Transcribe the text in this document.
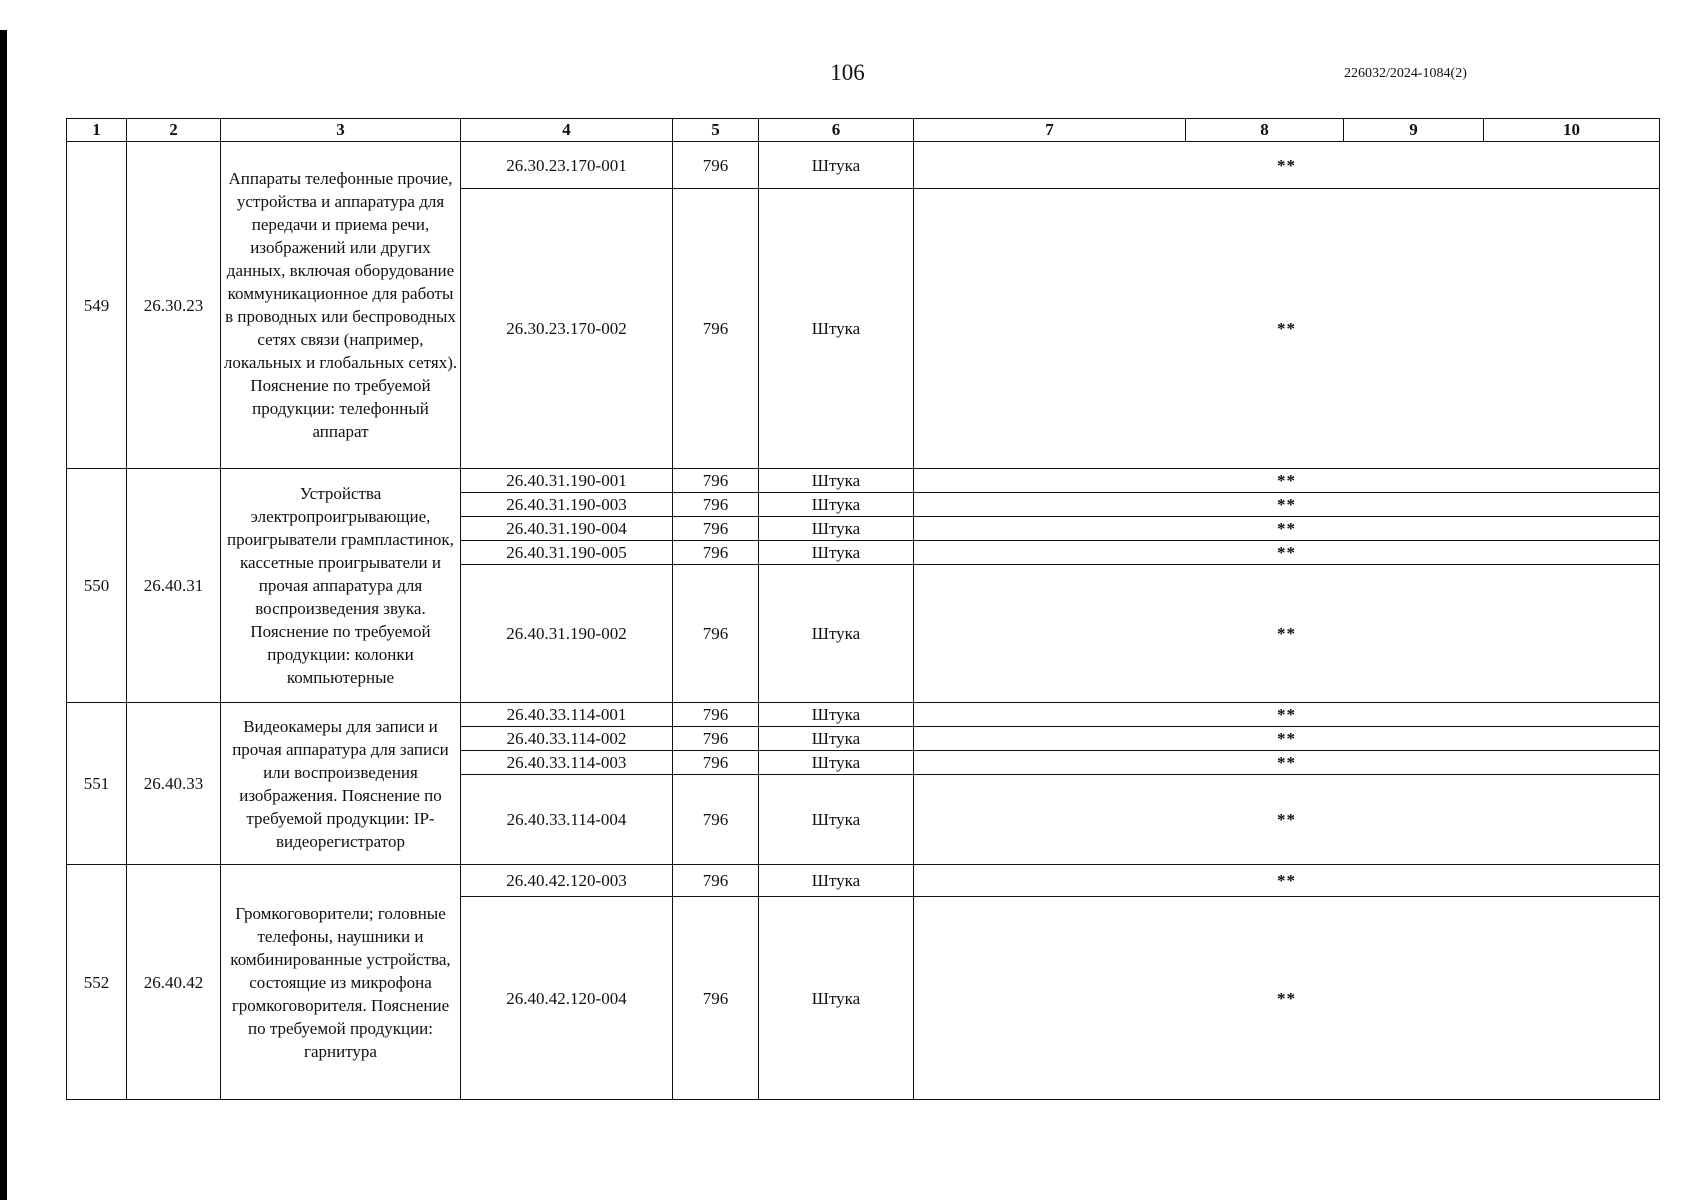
106	226032/2024-1084(2)
1	2	3	4	5	6	7	8	9	10
549	26.30.23	Аппараты телефонные прочие, устройства и аппаратура для передачи и приема речи, изображений или других данных, включая оборудование коммуникационное для работы в проводных или беспроводных сетях связи (например, локальных и глобальных сетях). Пояснение по требуемой продукции: телефонный аппарат	26.30.23.170-001	796	Штука	**			
			26.30.23.170-002	796	Штука	**			
550	26.40.31	Устройства электропроигрывающие, проигрыватели грампластинок, кассетные проигрыватели и прочая аппаратура для воспроизведения звука. Пояснение по требуемой продукции: колонки компьютерные	26.40.31.190-001	796	Штука	**			
			26.40.31.190-003	796	Штука	**			
			26.40.31.190-004	796	Штука	**			
			26.40.31.190-005	796	Штука	**			
			26.40.31.190-002	796	Штука	**			
551	26.40.33	Видеокамеры для записи и прочая аппаратура для записи или воспроизведения изображения. Пояснение по требуемой продукции: IP-видеорегистратор	26.40.33.114-001	796	Штука	**			
			26.40.33.114-002	796	Штука	**			
			26.40.33.114-003	796	Штука	**			
			26.40.33.114-004	796	Штука	**			
552	26.40.42	Громкоговорители; головные телефоны, наушники и комбинированные устройства, состоящие из микрофона громкоговорителя. Пояснение по требуемой продукции: гарнитура	26.40.42.120-003	796	Штука	**			
			26.40.42.120-004	796	Штука	**			
